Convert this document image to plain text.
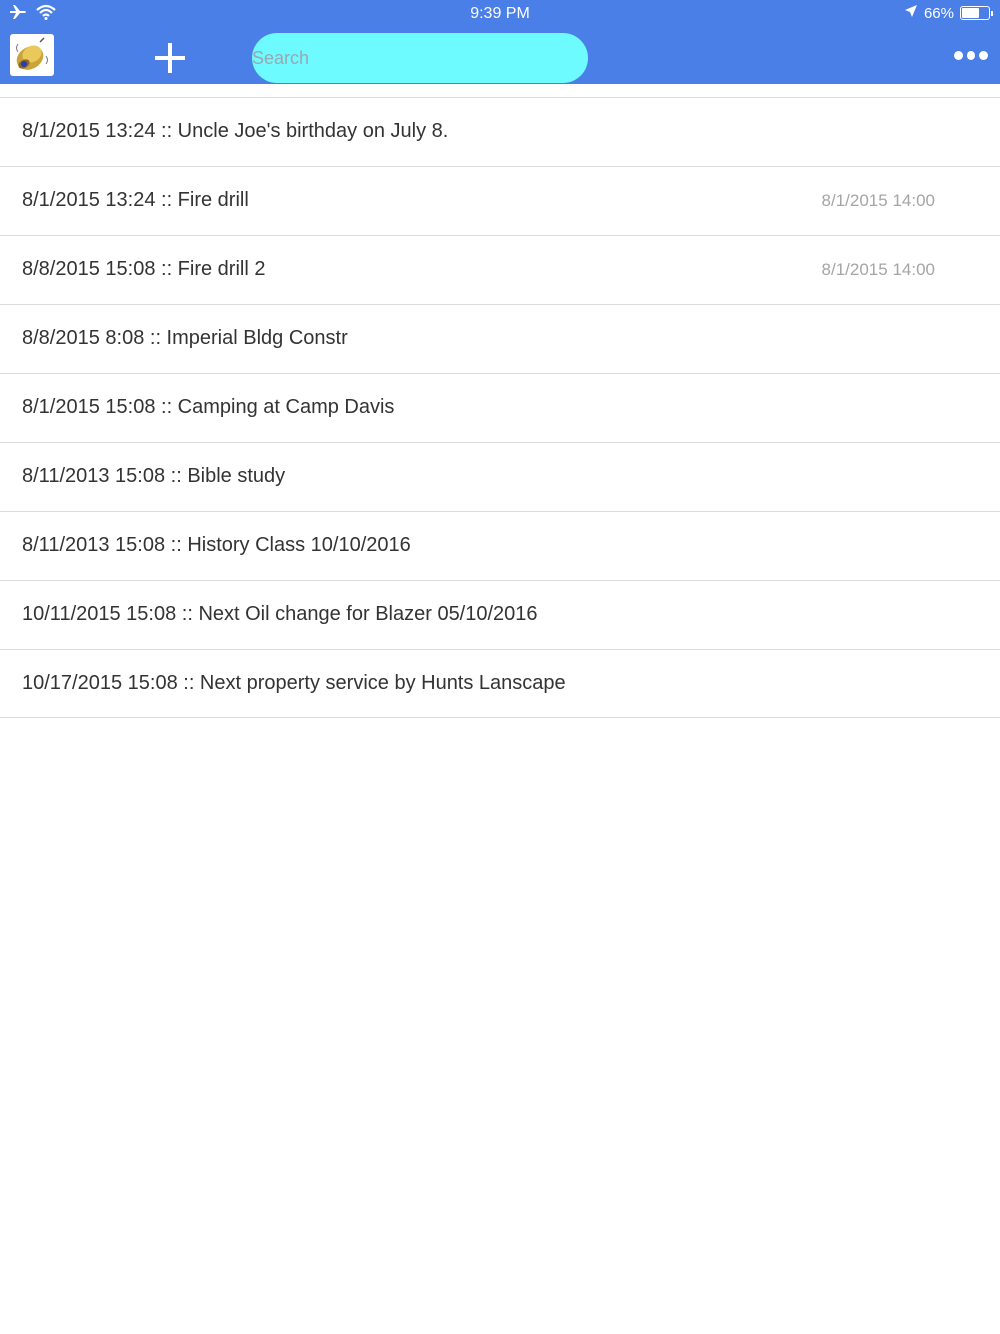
9:39 PM	66%
Search
8/1/2015 13:24 :: Uncle Joe's birthday on July 8.
8/1/2015 13:24 :: Fire drill	8/1/2015 14:00
8/8/2015 15:08 :: Fire drill 2	8/1/2015 14:00
8/8/2015 8:08 :: Imperial Bldg Constr
8/1/2015 15:08 :: Camping at Camp Davis
8/11/2013 15:08 :: Bible study
8/11/2013 15:08 :: History Class 10/10/2016
10/11/2015 15:08 :: Next Oil change for Blazer 05/10/2016
10/17/2015 15:08 :: Next property service by Hunts Lanscape
